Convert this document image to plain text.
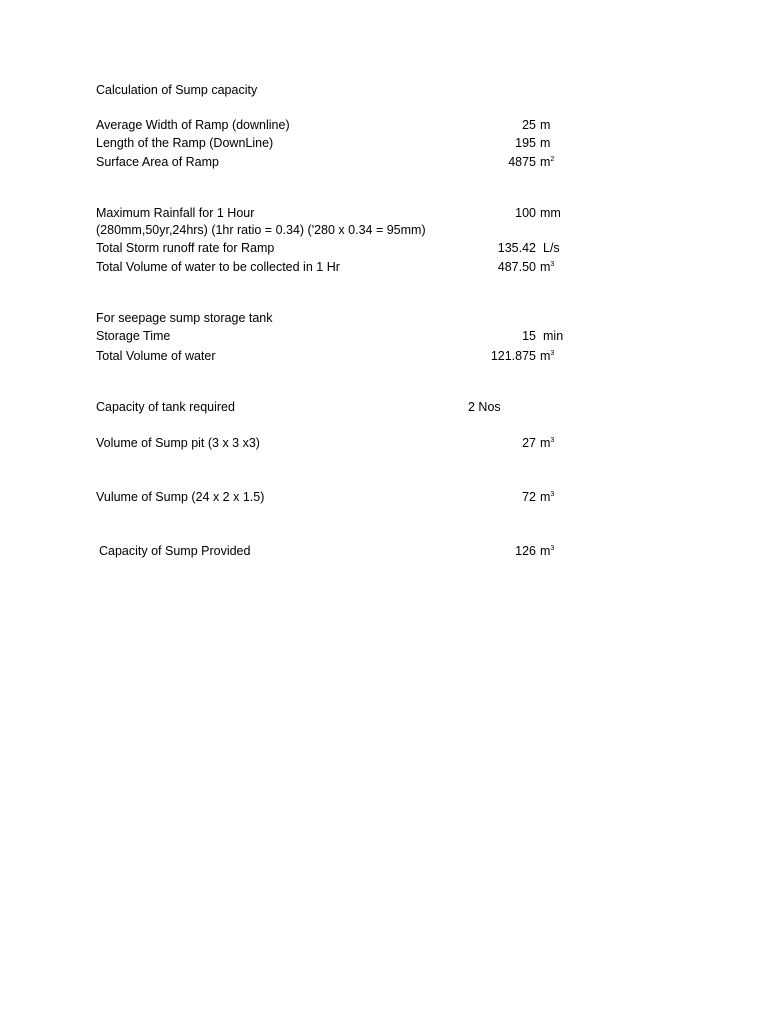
Calculation of Sump capacity
Average Width of Ramp (downline)	25 m
Length of the Ramp (DownLine)	195 m
Surface Area of Ramp	4875 $m^2$
Maximum Rainfall for 1 Hour	100 mm
(280mm,50yr,24hrs) (1hr ratio = 0.34) ('280 x 0.34 = 95mm)
Total Storm runoff rate for Ramp	135.42 L/s
Total Volume of water to be collected in 1 Hr	487.50 $m^3$
For seepage sump storage tank
Storage Time	15 min
Total Volume of water	121.875 $m^3$
Capacity of tank required	2 Nos
Volume of Sump pit (3 x 3 x3)	27 $m^3$
Vulume of Sump (24 x 2 x 1.5)	72 $m^3$
Capacity of Sump Provided	126 $m^3$
